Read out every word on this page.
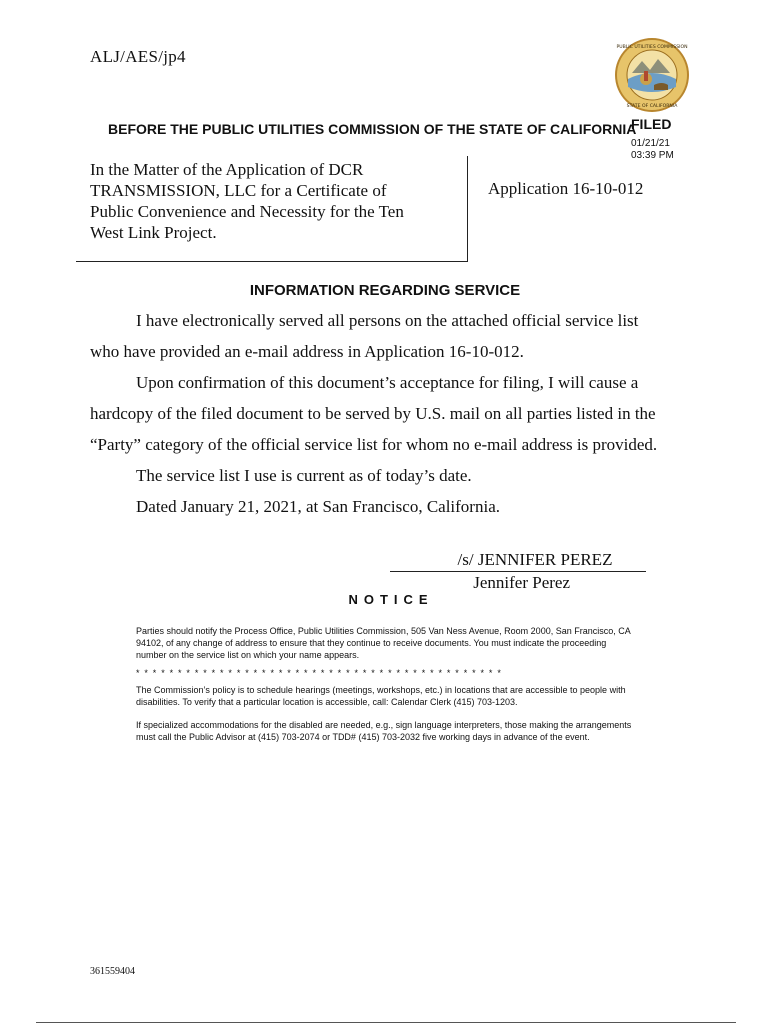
ALJ/AES/jp4	PUBLIC UTILITIES COMMISSION
STATE OF CALIFORNIA
BEFORE THE PUBLIC UTILITIES COMMISSION OF THE STATE OF CALIFORNIA
FILED
01/21/21
03:39 PM
In the Matter of the Application of DCR
TRANSMISSION, LLC for a Certificate of
Public Convenience and Necessity for the Ten
West Link Project.
Application 16-10-012
INFORMATION REGARDING SERVICE
I have electronically served all persons on the attached official service list
who have provided an e-mail address in Application 16-10-012.
Upon confirmation of this document’s acceptance for filing, I will cause a
hardcopy of the filed document to be served by U.S. mail on all parties listed in the
“Party” category of the official service list for whom no e-mail address is provided.
The service list I use is current as of today’s date.
Dated January 21, 2021, at San Francisco, California.
/s/ JENNIFER PEREZ
Jennifer Perez
NOTICE
Parties should notify the Process Office, Public Utilities Commission, 505 Van Ness Avenue, Room 2000, San Francisco, CA 94102, of any change of address to ensure that they continue to receive documents. You must indicate the proceeding number on the service list on which your name appears.
* * * * * * * * * * * * * * * * * * * * * * * * * * * * * * * * * * * * * * * * * * * *
The Commission’s policy is to schedule hearings (meetings, workshops, etc.) in locations that are accessible to people with disabilities. To verify that a particular location is accessible, call: Calendar Clerk (415) 703-1203.
If specialized accommodations for the disabled are needed, e.g., sign language interpreters, those making the arrangements must call the Public Advisor at (415) 703-2074 or TDD# (415) 703-2032 five working days in advance of the event.
361559404
